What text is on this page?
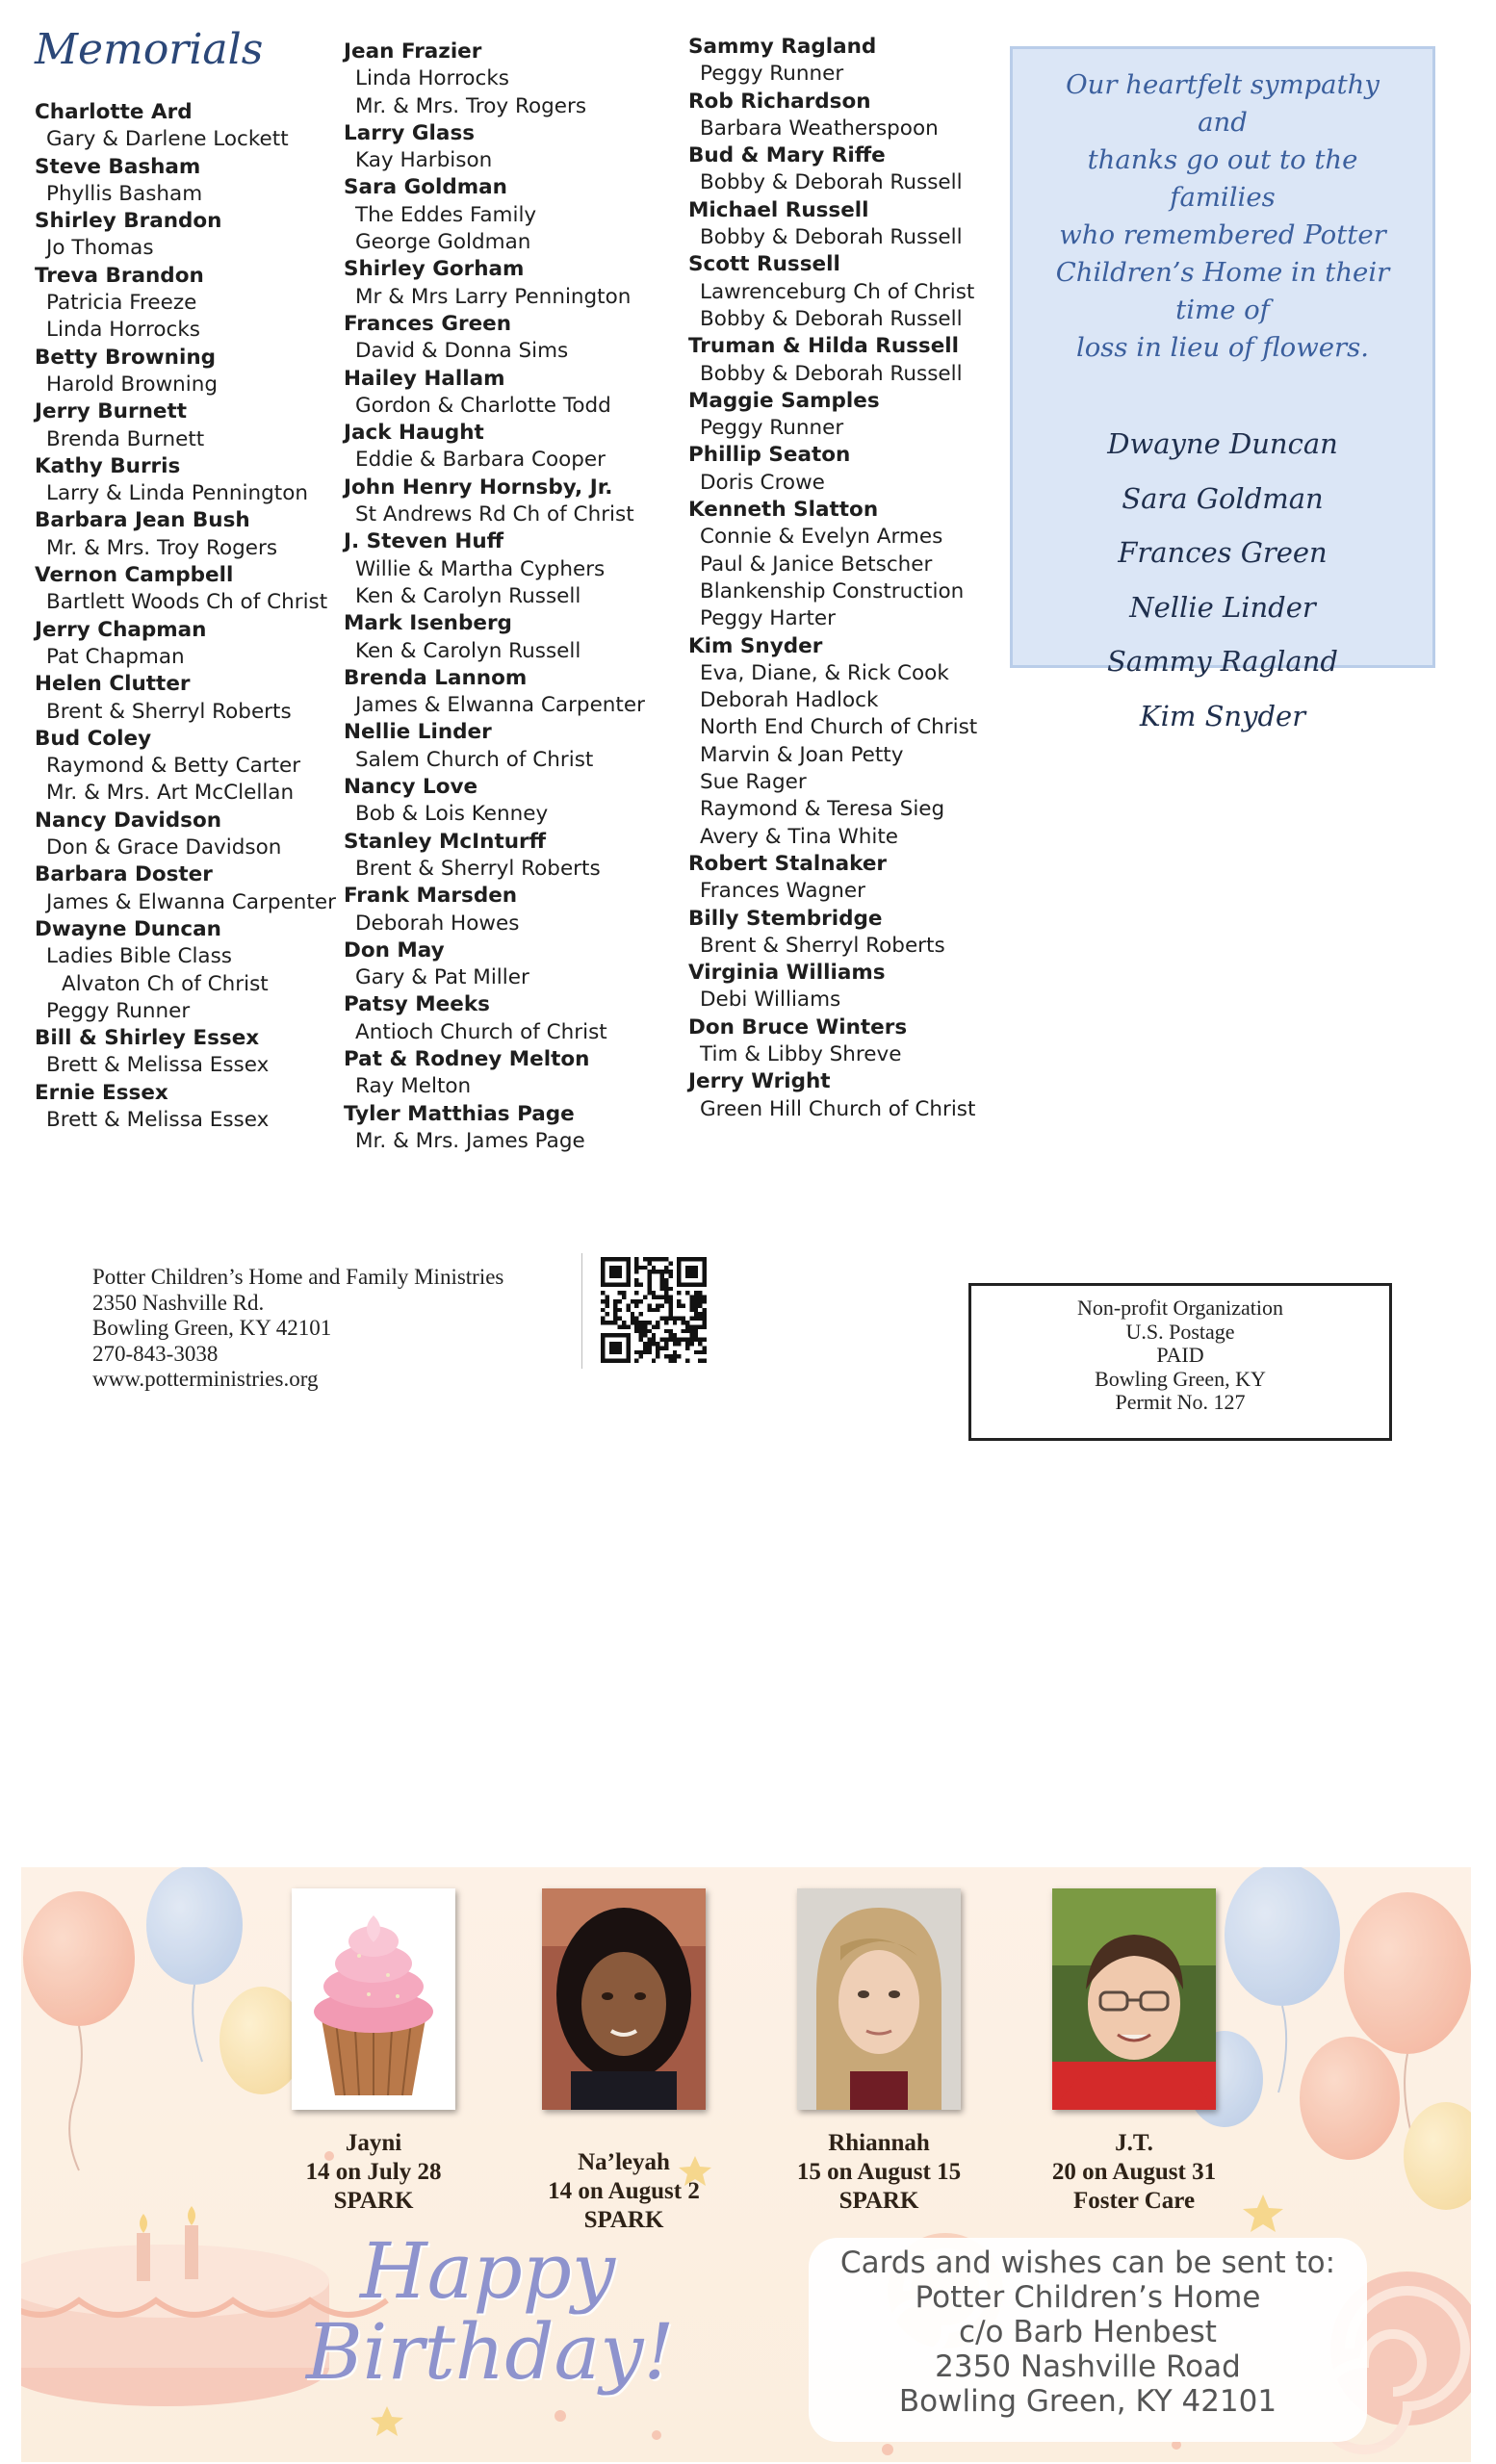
Memorials
Charlotte Ard
Gary & Darlene Lockett
Steve Basham
Phyllis Basham
Shirley Brandon
Jo Thomas
Treva Brandon
Patricia Freeze
Linda Horrocks
Betty Browning
Harold Browning
Jerry Burnett
Brenda Burnett
Kathy Burris
Larry & Linda Pennington
Barbara Jean Bush
Mr. & Mrs. Troy Rogers
Vernon Campbell
Bartlett Woods Ch of Christ
Jerry Chapman
Pat Chapman
Helen Clutter
Brent & Sherryl Roberts
Bud Coley
Raymond & Betty Carter
Mr. & Mrs. Art McClellan
Nancy Davidson
Don & Grace Davidson
Barbara Doster
James & Elwanna Carpenter
Dwayne Duncan
Ladies Bible Class
Alvaton Ch of Christ
Peggy Runner
Bill & Shirley Essex
Brett & Melissa Essex
Ernie Essex
Brett & Melissa Essex
Jean Frazier
Linda Horrocks
Mr. & Mrs. Troy Rogers
Larry Glass
Kay Harbison
Sara Goldman
The Eddes Family
George Goldman
Shirley Gorham
Mr & Mrs Larry Pennington
Frances Green
David & Donna Sims
Hailey Hallam
Gordon & Charlotte Todd
Jack Haught
Eddie & Barbara Cooper
John Henry Hornsby, Jr.
St Andrews Rd Ch of Christ
J. Steven Huff
Willie & Martha Cyphers
Ken & Carolyn Russell
Mark Isenberg
Ken & Carolyn Russell
Brenda Lannom
James & Elwanna Carpenter
Nellie Linder
Salem Church of Christ
Nancy Love
Bob & Lois Kenney
Stanley McInturff
Brent & Sherryl Roberts
Frank Marsden
Deborah Howes
Don May
Gary & Pat Miller
Patsy Meeks
Antioch Church of Christ
Pat & Rodney Melton
Ray Melton
Tyler Matthias Page
Mr. & Mrs. James Page
Sammy Ragland
Peggy Runner
Rob Richardson
Barbara Weatherspoon
Bud & Mary Riffe
Bobby & Deborah Russell
Michael Russell
Bobby & Deborah Russell
Scott Russell
Lawrenceburg Ch of Christ
Bobby & Deborah Russell
Truman & Hilda Russell
Bobby & Deborah Russell
Maggie Samples
Peggy Runner
Phillip Seaton
Doris Crowe
Kenneth Slatton
Connie & Evelyn Armes
Paul & Janice Betscher
Blankenship Construction
Peggy Harter
Kim Snyder
Eva, Diane, & Rick Cook
Deborah Hadlock
North End Church of Christ
Marvin & Joan Petty
Sue Rager
Raymond & Teresa Sieg
Avery & Tina White
Robert Stalnaker
Frances Wagner
Billy Stembridge
Brent & Sherryl Roberts
Virginia Williams
Debi Williams
Don Bruce Winters
Tim & Libby Shreve
Jerry Wright
Green Hill Church of Christ
Our heartfelt sympathy and
thanks go out to the families
who remembered Potter
Children’s Home in their time of
loss in lieu of flowers.
Dwayne Duncan
Sara Goldman
Frances Green
Nellie Linder
Sammy Ragland
Kim Snyder
Potter Children’s Home and Family Ministries
2350 Nashville Rd.
Bowling Green, KY 42101
270-843-3038
www.potterministries.org
Non-profit Organization
U.S. Postage
PAID
Bowling Green, KY
Permit No. 127
Jayni
14 on July 28
SPARK
Na’leyah
14 on August 2
SPARK
Rhiannah
15 on August 15
SPARK
J.T.
20 on August 31
Foster Care
Happy
Birthday!
Cards and wishes can be sent to:
Potter Children’s Home
c/o Barb Henbest
2350 Nashville Road
Bowling Green, KY 42101
